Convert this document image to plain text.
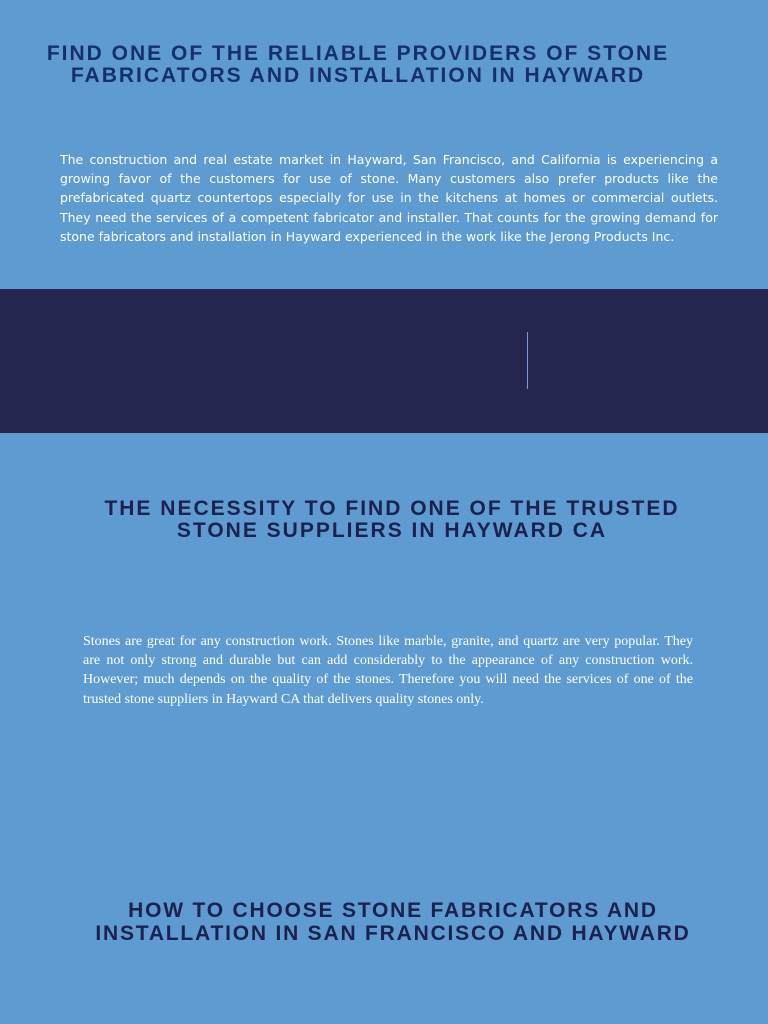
FIND ONE OF THE RELIABLE PROVIDERS OF STONE FABRICATORS AND INSTALLATION IN HAYWARD

The construction and real estate market in Hayward, San Francisco, and California is experiencing a growing favor of the customers for use of stone. Many customers also prefer products like the prefabricated quartz countertops especially for use in the kitchens at homes or commercial outlets. They need the services of a competent fabricator and installer. That counts for the growing demand for stone fabricators and installation in Hayward experienced in the work like the Jerong Products Inc.

THE NECESSITY TO FIND ONE OF THE TRUSTED STONE SUPPLIERS IN HAYWARD CA

Stones are great for any construction work. Stones like marble, granite, and quartz are very popular. They are not only strong and durable but can add considerably to the appearance of any construction work. However; much depends on the quality of the stones. Therefore you will need the services of one of the trusted stone suppliers in Hayward CA that delivers quality stones only.

HOW TO CHOOSE STONE FABRICATORS AND INSTALLATION IN SAN FRANCISCO AND HAYWARD
